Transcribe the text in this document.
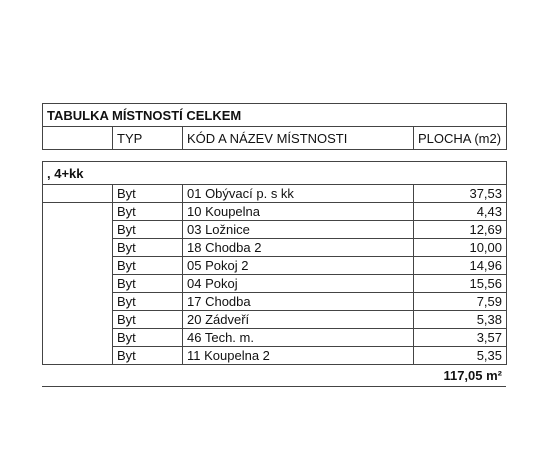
TABULKA MÍSTNOSTÍ CELKEM
	TYP	KÓD A NÁZEV MÍSTNOSTI	PLOCHA (m2)
, 4+kk			
	Byt	01 Obývací p. s kk	37,53
	Byt	10 Koupelna	4,43
	Byt	03 Ložnice	12,69
	Byt	18 Chodba 2	10,00
	Byt	05 Pokoj 2	14,96
	Byt	04 Pokoj	15,56
	Byt	17 Chodba	7,59
	Byt	20 Zádveří	5,38
	Byt	46 Tech. m.	3,57
	Byt	11 Koupelna 2	5,35
117,05 m²
